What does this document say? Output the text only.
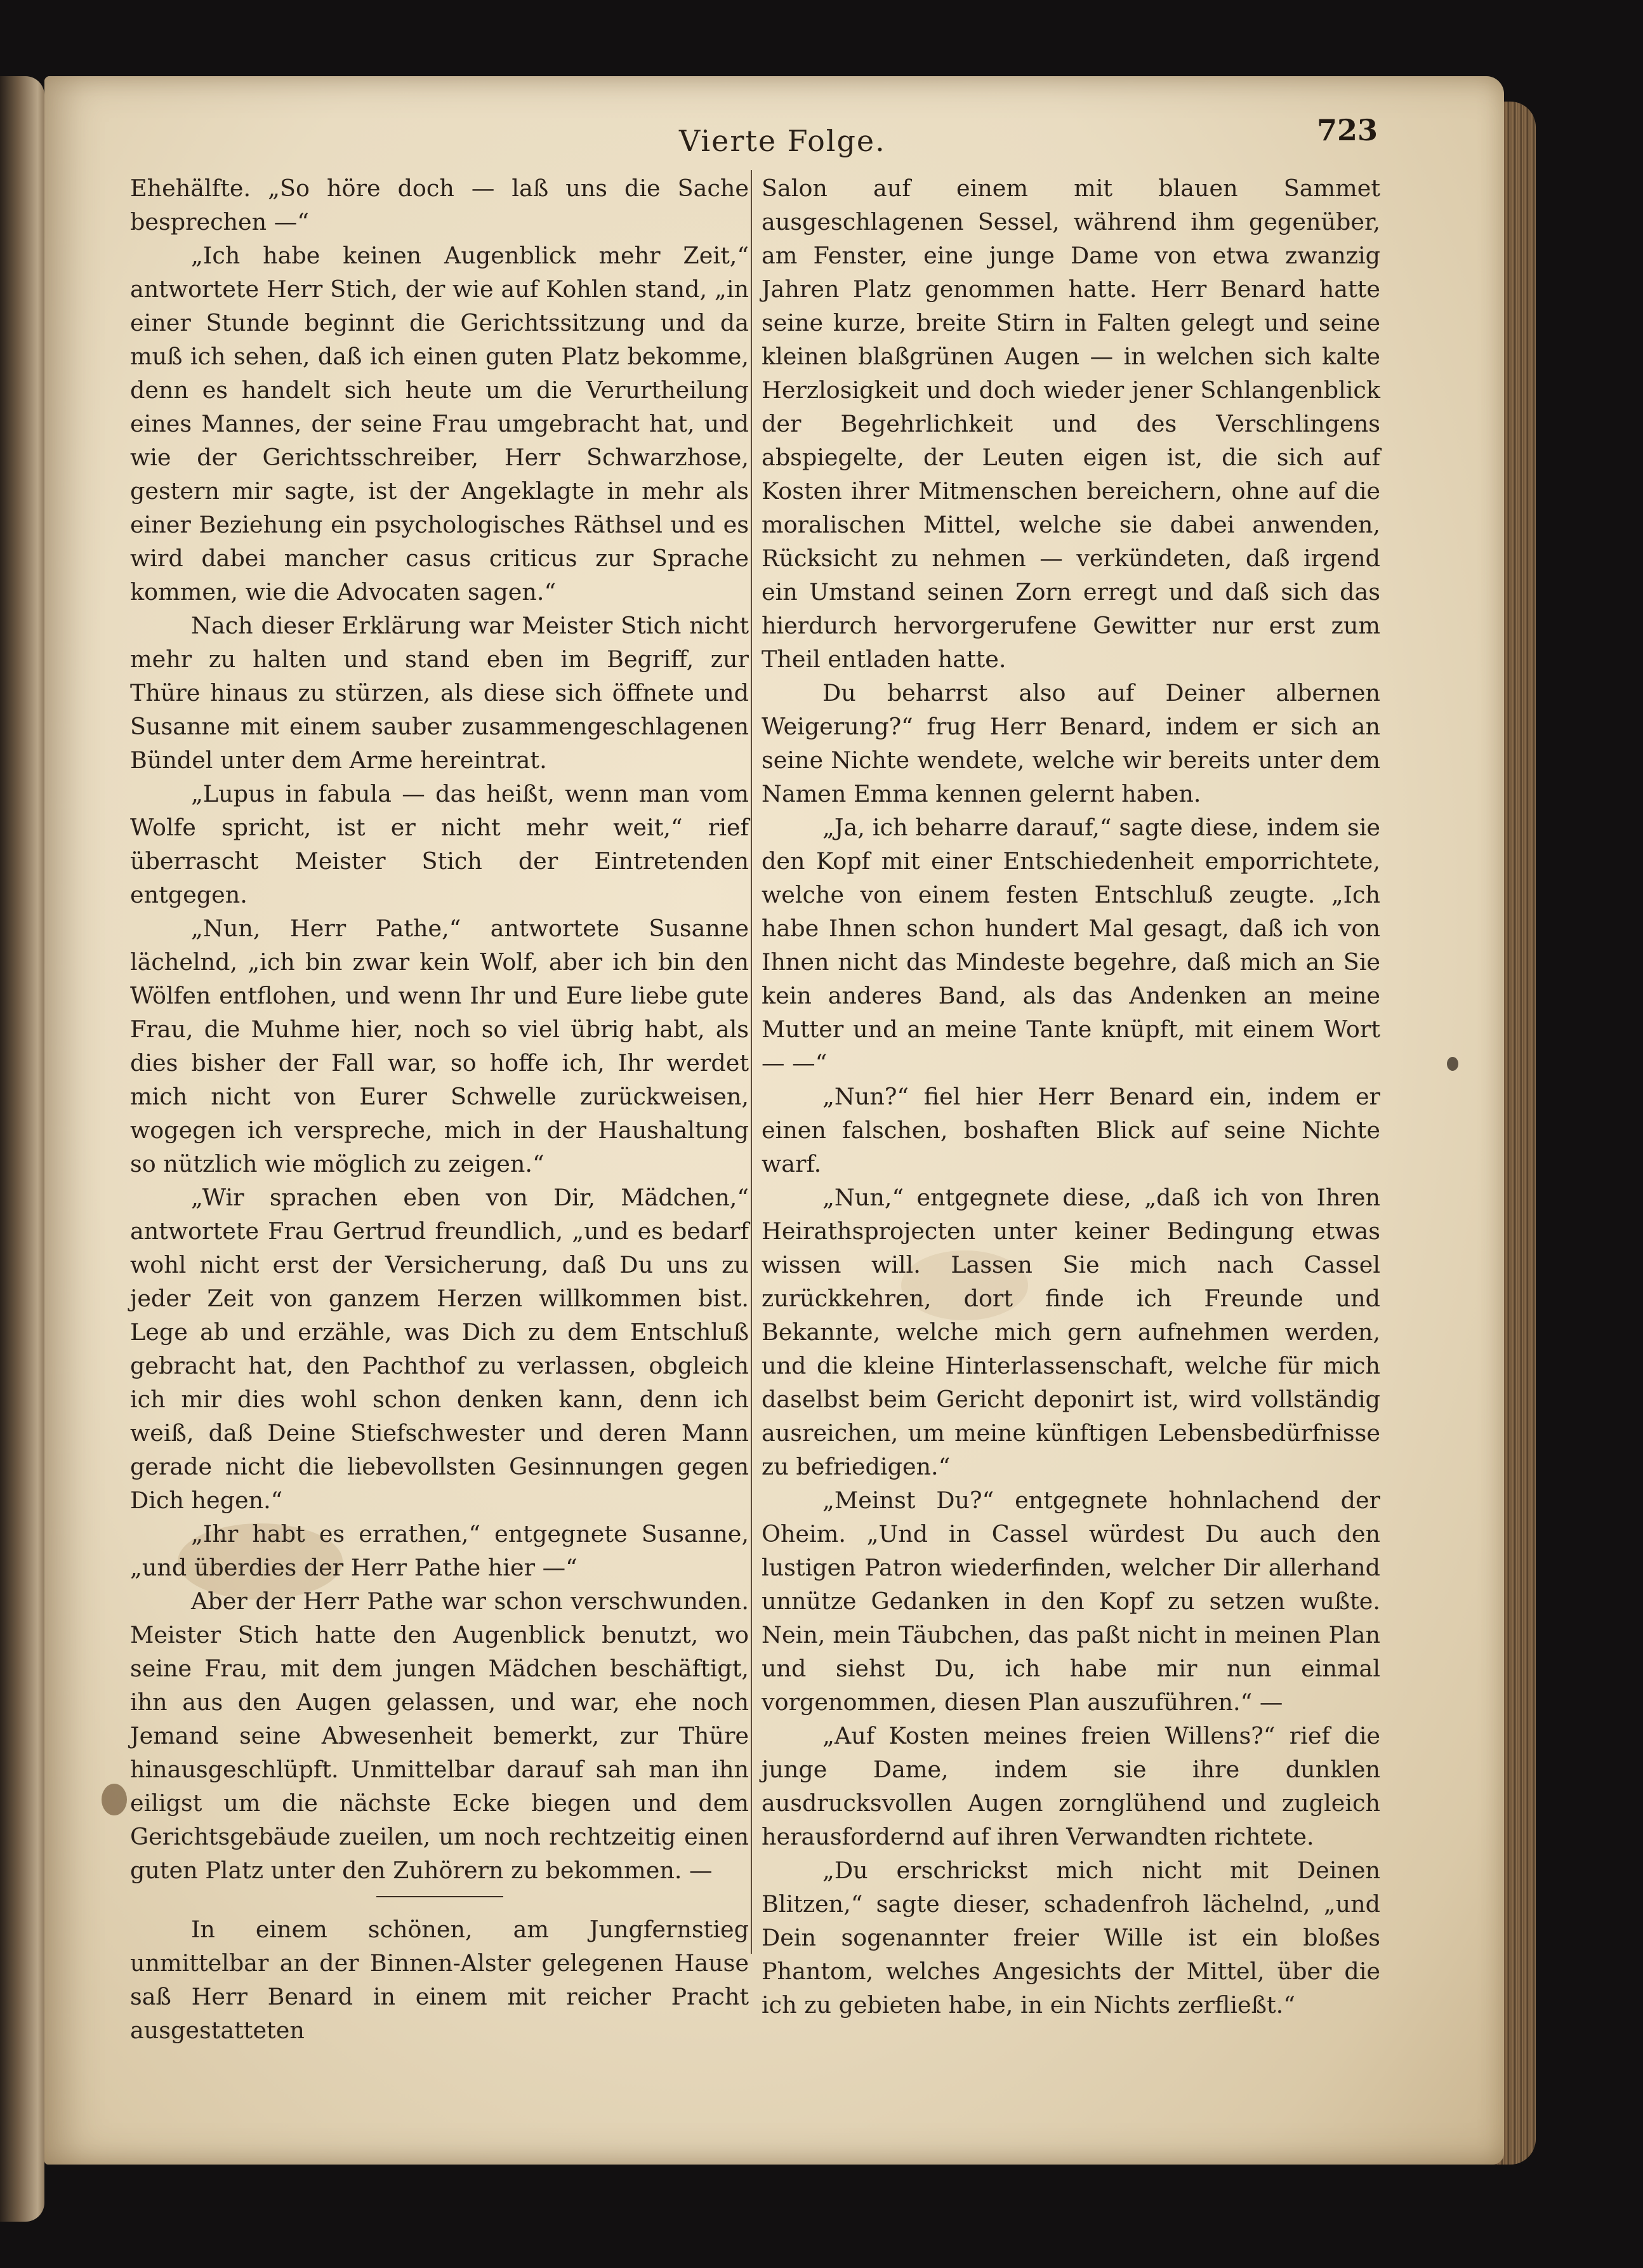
Vierte Folge.	723

Ehehälfte. „So höre doch — laß uns die Sache besprechen —“

„Ich habe keinen Augenblick mehr Zeit,“ antwortete Herr Stich, der wie auf Kohlen stand, „in einer Stunde beginnt die Gerichtssitzung und da muß ich sehen, daß ich einen guten Platz bekomme, denn es handelt sich heute um die Verurtheilung eines Mannes, der seine Frau umgebracht hat, und wie der Gerichtsschreiber, Herr Schwarzhose, gestern mir sagte, ist der Angeklagte in mehr als einer Beziehung ein psychologisches Räthsel und es wird dabei mancher casus criticus zur Sprache kommen, wie die Advocaten sagen.“

Nach dieser Erklärung war Meister Stich nicht mehr zu halten und stand eben im Begriff, zur Thüre hinaus zu stürzen, als diese sich öffnete und Susanne mit einem sauber zusammengeschlagenen Bündel unter dem Arme hereintrat.

„Lupus in fabula — das heißt, wenn man vom Wolfe spricht, ist er nicht mehr weit,“ rief überrascht Meister Stich der Eintretenden entgegen.

„Nun, Herr Pathe,“ antwortete Susanne lächelnd, „ich bin zwar kein Wolf, aber ich bin den Wölfen entflohen, und wenn Ihr und Eure liebe gute Frau, die Muhme hier, noch so viel übrig habt, als dies bisher der Fall war, so hoffe ich, Ihr werdet mich nicht von Eurer Schwelle zurückweisen, wogegen ich verspreche, mich in der Haushaltung so nützlich wie möglich zu zeigen.“

„Wir sprachen eben von Dir, Mädchen,“ antwortete Frau Gertrud freundlich, „und es bedarf wohl nicht erst der Versicherung, daß Du uns zu jeder Zeit von ganzem Herzen willkommen bist. Lege ab und erzähle, was Dich zu dem Entschluß gebracht hat, den Pachthof zu verlassen, obgleich ich mir dies wohl schon denken kann, denn ich weiß, daß Deine Stiefschwester und deren Mann gerade nicht die liebevollsten Gesinnungen gegen Dich hegen.“

„Ihr habt es errathen,“ entgegnete Susanne, „und überdies der Herr Pathe hier —“

Aber der Herr Pathe war schon verschwunden. Meister Stich hatte den Augenblick benutzt, wo seine Frau, mit dem jungen Mädchen beschäftigt, ihn aus den Augen gelassen, und war, ehe noch Jemand seine Abwesenheit bemerkt, zur Thüre hinausgeschlüpft. Unmittelbar darauf sah man ihn eiligst um die nächste Ecke biegen und dem Gerichtsgebäude zueilen, um noch rechtzeitig einen guten Platz unter den Zuhörern zu bekommen. —

In einem schönen, am Jungfernstieg unmittelbar an der Binnen-Alster gelegenen Hause saß Herr Benard in einem mit reicher Pracht ausgestatteten

Salon auf einem mit blauen Sammet ausgeschlagenen Sessel, während ihm gegenüber, am Fenster, eine junge Dame von etwa zwanzig Jahren Platz genommen hatte. Herr Benard hatte seine kurze, breite Stirn in Falten gelegt und seine kleinen blaßgrünen Augen — in welchen sich kalte Herzlosigkeit und doch wieder jener Schlangenblick der Begehrlichkeit und des Verschlingens abspiegelte, der Leuten eigen ist, die sich auf Kosten ihrer Mitmenschen bereichern, ohne auf die moralischen Mittel, welche sie dabei anwenden, Rücksicht zu nehmen — verkündeten, daß irgend ein Umstand seinen Zorn erregt und daß sich das hierdurch hervorgerufene Gewitter nur erst zum Theil entladen hatte.

Du beharrst also auf Deiner albernen Weigerung?“ frug Herr Benard, indem er sich an seine Nichte wendete, welche wir bereits unter dem Namen Emma kennen gelernt haben.

„Ja, ich beharre darauf,“ sagte diese, indem sie den Kopf mit einer Entschiedenheit emporrichtete, welche von einem festen Entschluß zeugte. „Ich habe Ihnen schon hundert Mal gesagt, daß ich von Ihnen nicht das Mindeste begehre, daß mich an Sie kein anderes Band, als das Andenken an meine Mutter und an meine Tante knüpft, mit einem Wort — —“

„Nun?“ fiel hier Herr Benard ein, indem er einen falschen, boshaften Blick auf seine Nichte warf.

„Nun,“ entgegnete diese, „daß ich von Ihren Heirathsprojecten unter keiner Bedingung etwas wissen will. Lassen Sie mich nach Cassel zurückkehren, dort finde ich Freunde und Bekannte, welche mich gern aufnehmen werden, und die kleine Hinterlassenschaft, welche für mich daselbst beim Gericht deponirt ist, wird vollständig ausreichen, um meine künftigen Lebensbedürfnisse zu befriedigen.“

„Meinst Du?“ entgegnete hohnlachend der Oheim. „Und in Cassel würdest Du auch den lustigen Patron wiederfinden, welcher Dir allerhand unnütze Gedanken in den Kopf zu setzen wußte. Nein, mein Täubchen, das paßt nicht in meinen Plan und siehst Du, ich habe mir nun einmal vorgenommen, diesen Plan auszuführen.“ —

„Auf Kosten meines freien Willens?“ rief die junge Dame, indem sie ihre dunklen ausdrucksvollen Augen zornglühend und zugleich herausfordernd auf ihren Verwandten richtete.

„Du erschrickst mich nicht mit Deinen Blitzen,“ sagte dieser, schadenfroh lächelnd, „und Dein sogenannter freier Wille ist ein bloßes Phantom, welches Angesichts der Mittel, über die ich zu gebieten habe, in ein Nichts zerfließt.“
